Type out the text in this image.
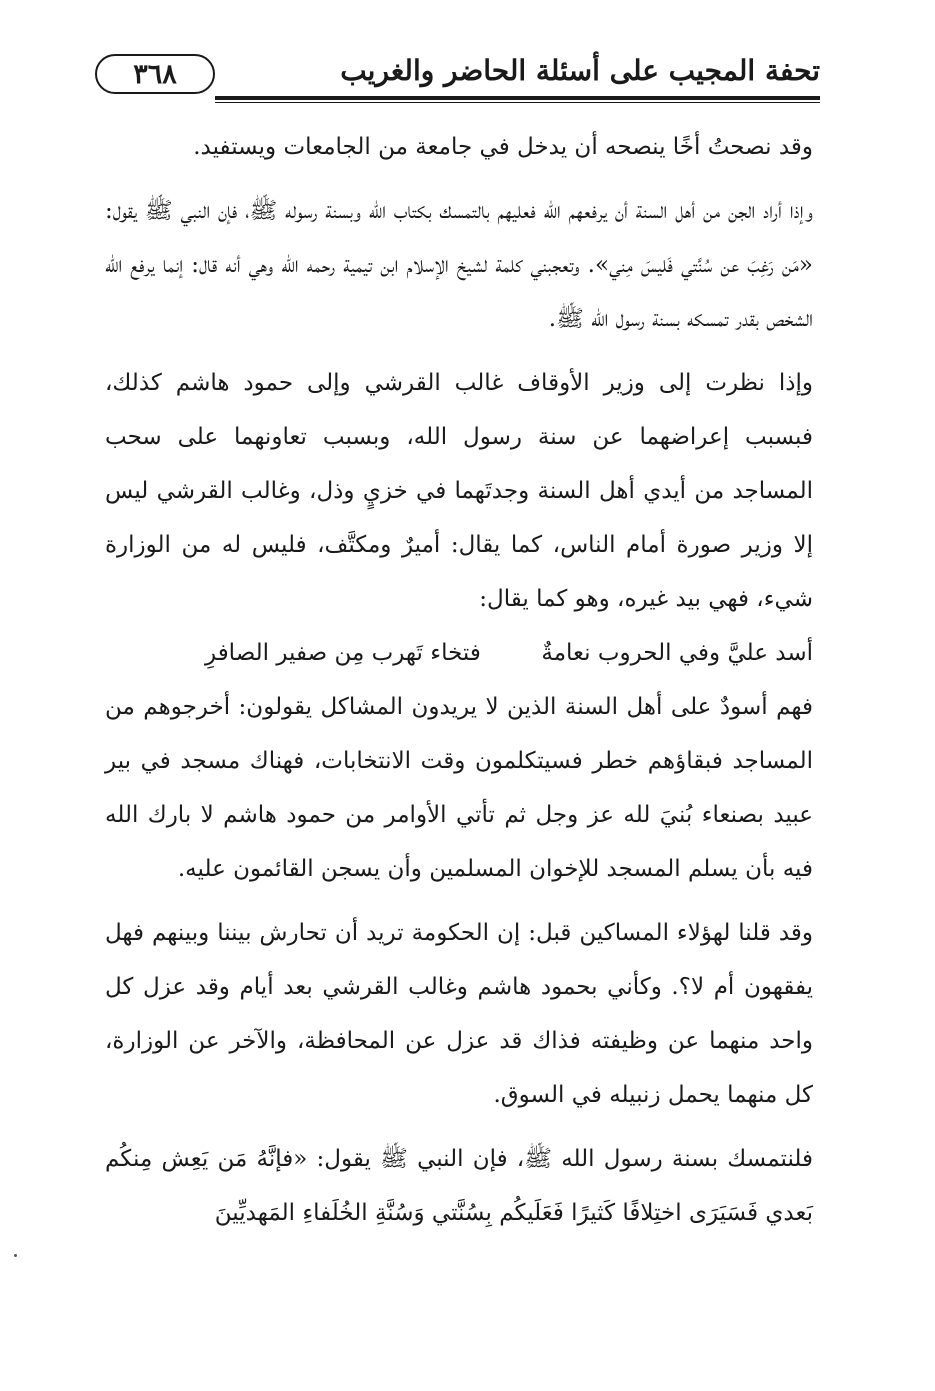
٣٦٨	تحفة المجيب على أسئلة الحاضر والغريب

وقد نصحتُ أخًا ينصحه أن يدخل في جامعة من الجامعات ويستفيد.

وإذا أراد الجن من أهل السنة أن يرفعهم الله فعليهم بالتمسك بكتاب الله وبسنة رسوله ﷺ، فإن النبي ﷺ يقول: «مَن رَغِبَ عن سُنَّتي فَليسَ مِني». وتعجبني كلمة لشيخ الإسلام ابن تيمية رحمه الله وهي أنه قال: إنما يرفع الله الشخص بقدر تمسكه بسنة رسول الله ﷺ.

وإذا نظرت إلى وزير الأوقاف غالب القرشي وإلى حمود هاشم كذلك، فبسبب إعراضهما عن سنة رسول الله، وبسبب تعاونهما على سحب المساجد من أيدي أهل السنة وجدتَهما في خزيٍ وذل، وغالب القرشي ليس إلا وزير صورة أمام الناس، كما يقال: أميرٌ ومكتَّف، فليس له من الوزارة شيء، فهي بيد غيره، وهو كما يقال:

أسد عليَّ وفي الحروب نعامةٌ
فتخاء تَهرب مِن صفير الصافرِ

فهم أسودٌ على أهل السنة الذين لا يريدون المشاكل يقولون: أخرجوهم من المساجد فبقاؤهم خطر فسيتكلمون وقت الانتخابات، فهناك مسجد في بير عبيد بصنعاء بُنيَ لله عز وجل ثم تأتي الأوامر من حمود هاشم لا بارك الله فيه بأن يسلم المسجد للإخوان المسلمين وأن يسجن القائمون عليه.

وقد قلنا لهؤلاء المساكين قبل: إن الحكومة تريد أن تحارش بيننا وبينهم فهل يفقهون أم لا؟. وكأني بحمود هاشم وغالب القرشي بعد أيام وقد عزل كل واحد منهما عن وظيفته فذاك قد عزل عن المحافظة، والآخر عن الوزارة، كل منهما يحمل زنبيله في السوق.

فلنتمسك بسنة رسول الله ﷺ، فإن النبي ﷺ يقول: «فإنَّهُ مَن يَعِش مِنكُم بَعدي فَسَيَرَى اختِلافًا كَثيرًا فَعَلَيكُم بِسُنَّتي وَسُنَّةِ الخُلَفاءِ المَهديِّينَ
